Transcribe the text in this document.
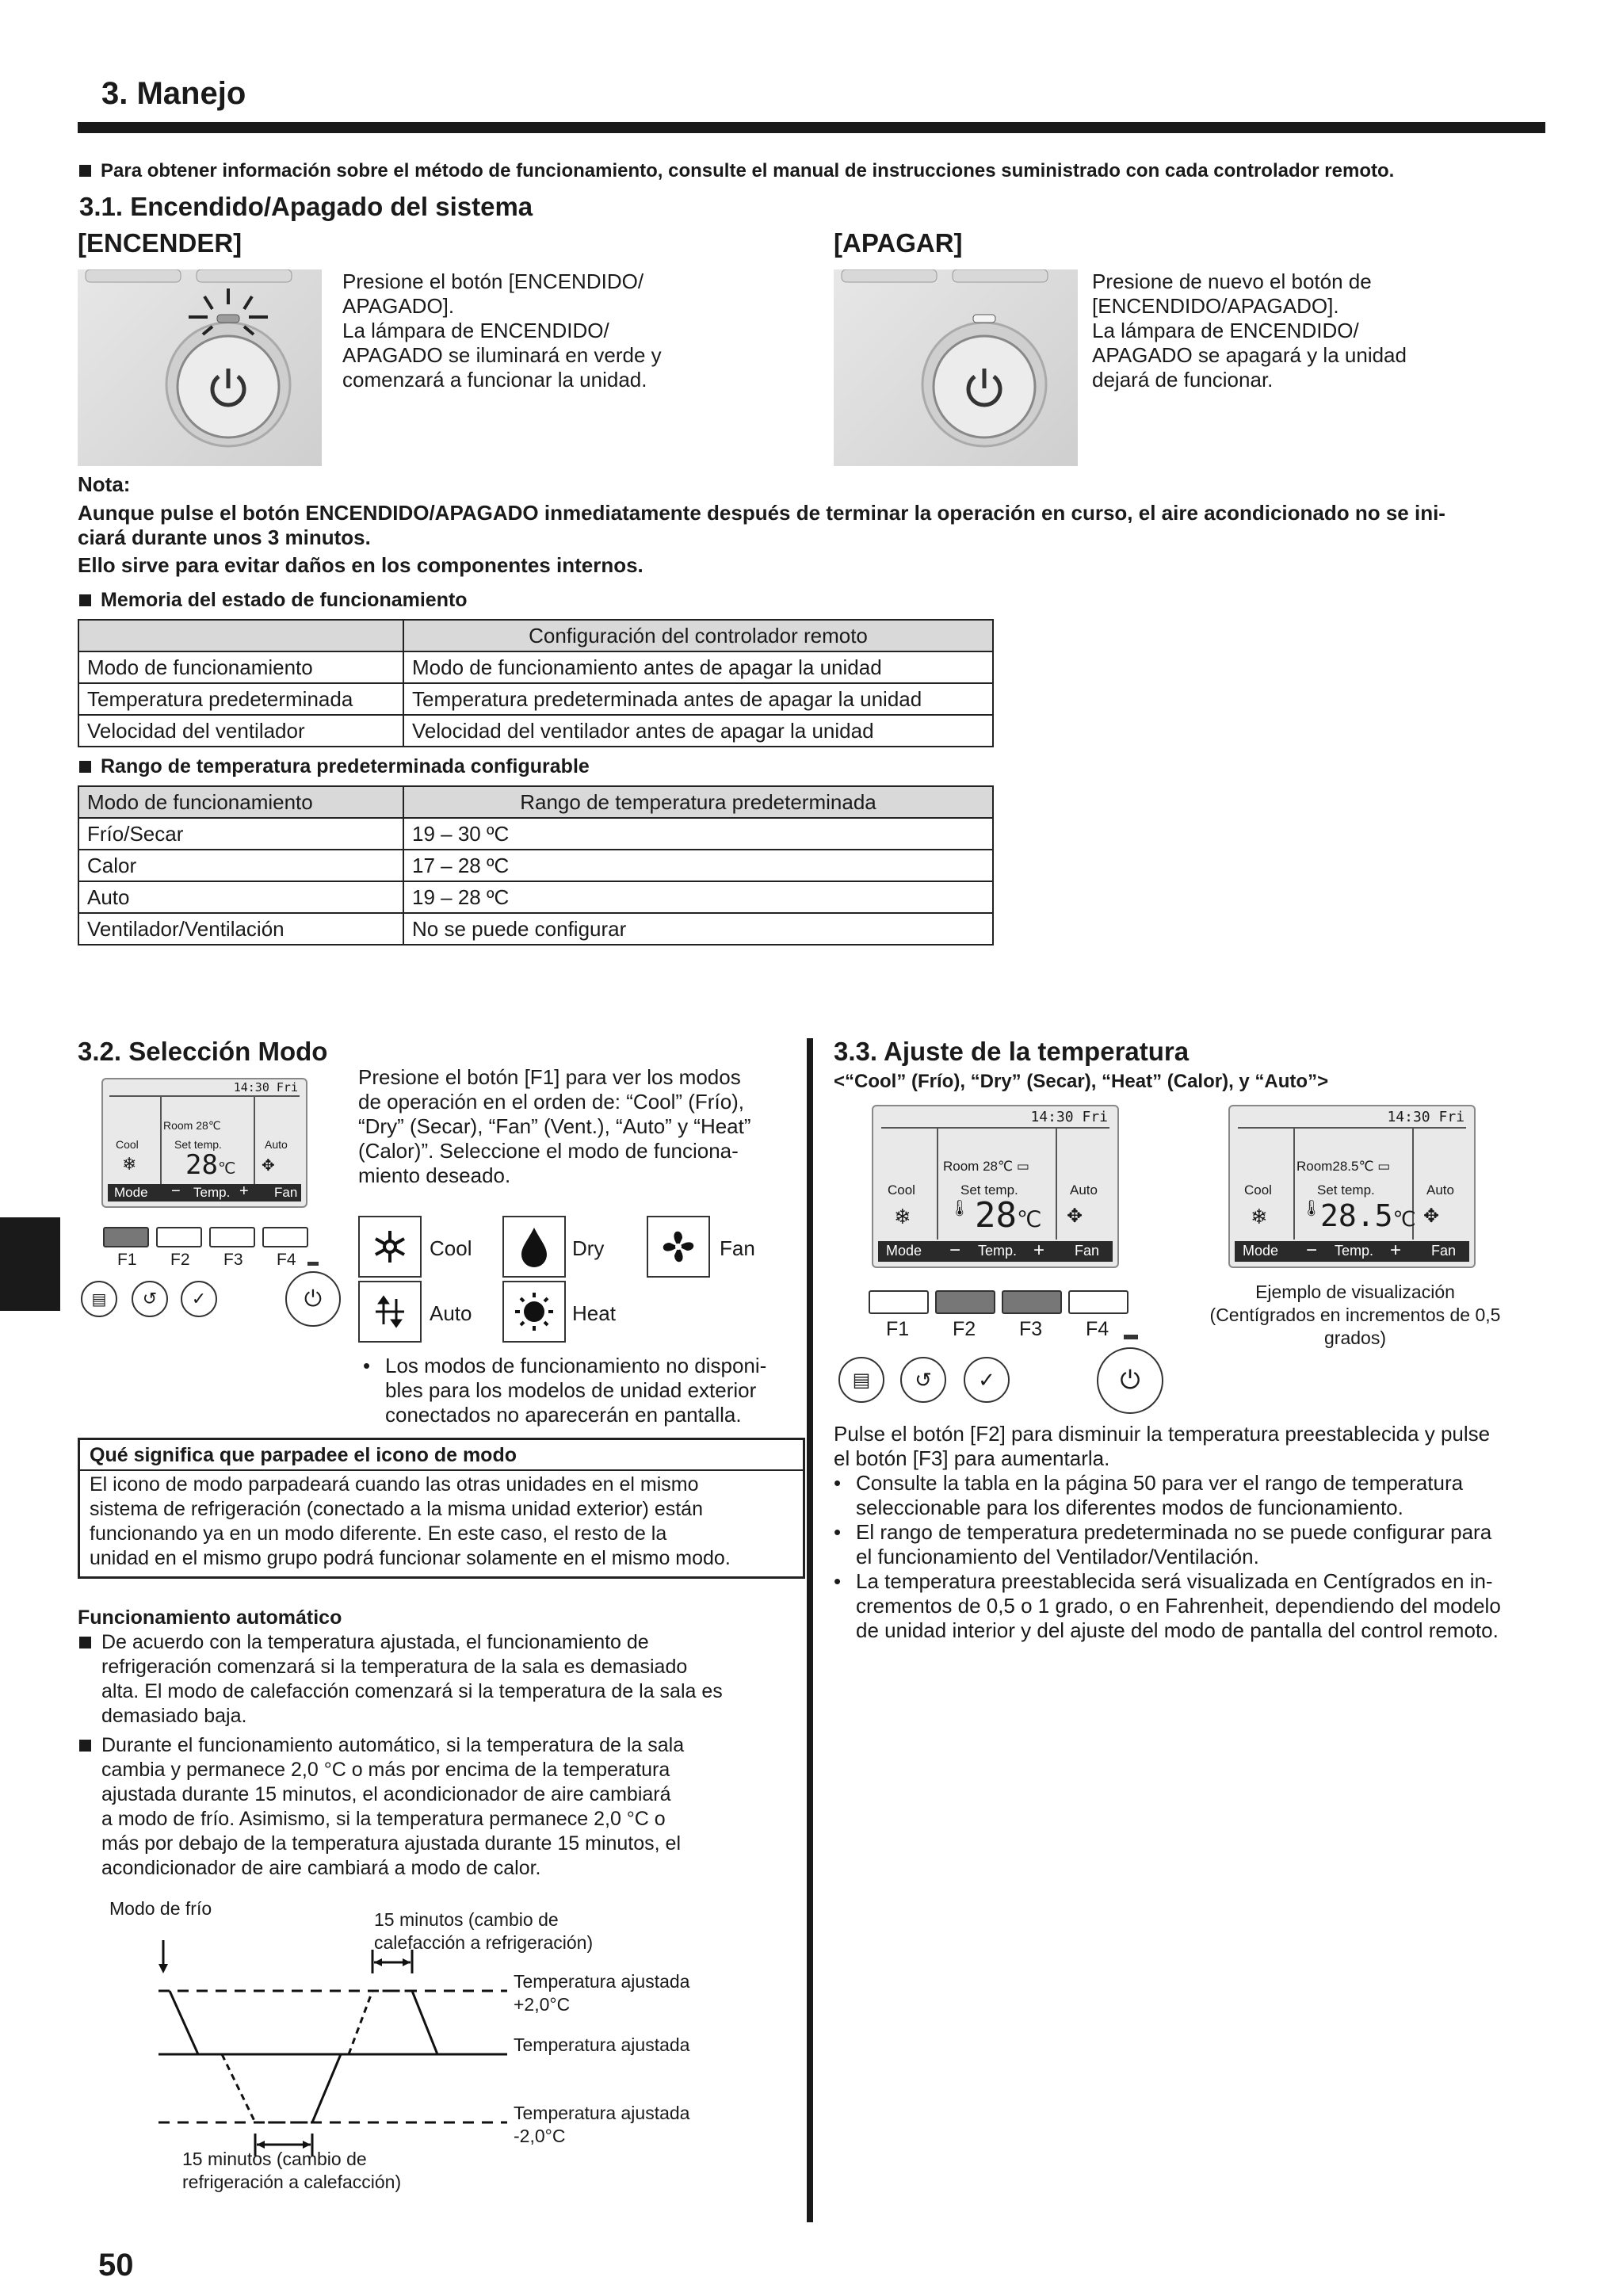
3. Manejo
Para obtener información sobre el método de funcionamiento, consulte el manual de instrucciones suministrado con cada controlador remoto.
3.1. Encendido/Apagado del sistema
[ENCENDER]	[APAGAR]
Presione el botón [ENCENDIDO/
APAGADO].
La lámpara de ENCENDIDO/
APAGADO se iluminará en verde y
comenzará a funcionar la unidad.
Presione de nuevo el botón de
[ENCENDIDO/APAGADO].
La lámpara de ENCENDIDO/
APAGADO se apagará y la unidad
dejará de funcionar.
Nota:
Aunque pulse el botón ENCENDIDO/APAGADO inmediatamente después de terminar la operación en curso, el aire acondicionado no se ini-
ciará durante unos 3 minutos.
Ello sirve para evitar daños en los componentes internos.
Memoria del estado de funcionamiento
	Configuración del controlador remoto
Modo de funcionamiento	Modo de funcionamiento antes de apagar la unidad
Temperatura predeterminada	Temperatura predeterminada antes de apagar la unidad
Velocidad del ventilador	Velocidad del ventilador antes de apagar la unidad
Rango de temperatura predeterminada configurable
Modo de funcionamiento	Rango de temperatura predeterminada
Frío/Secar	19 – 30 ºC
Calor	17 – 28 ºC
Auto	19 – 28 ºC
Ventilador/Ventilación	No se puede configurar
3.2. Selección Modo
14:30 Fri
Room 28℃
Cool	Set temp.	Auto
❄ 28℃ ✥
Mode − Temp. + Fan
F1 F2 F3 F4
▤ ↺ ✓	⏻
Presione el botón [F1] para ver los modos
de operación en el orden de: “Cool” (Frío),
“Dry” (Secar), “Fan” (Vent.), “Auto” y “Heat”
(Calor)”. Seleccione el modo de funciona-
miento deseado.
Cool	Dry	Fan
Auto	Heat
• Los modos de funcionamiento no disponi-
bles para los modelos de unidad exterior
conectados no aparecerán en pantalla.
Qué significa que parpadee el icono de modo
El icono de modo parpadeará cuando las otras unidades en el mismo
sistema de refrigeración (conectado a la misma unidad exterior) están
funcionando ya en un modo diferente. En este caso, el resto de la
unidad en el mismo grupo podrá funcionar solamente en el mismo modo.
Funcionamiento automático
De acuerdo con la temperatura ajustada, el funcionamiento de
refrigeración comenzará si la temperatura de la sala es demasiado
alta. El modo de calefacción comenzará si la temperatura de la sala es
demasiado baja.
Durante el funcionamiento automático, si la temperatura de la sala
cambia y permanece 2,0 °C o más por encima de la temperatura
ajustada durante 15 minutos, el acondicionador de aire cambiará
a modo de frío. Asimismo, si la temperatura permanece 2,0 °C o
más por debajo de la temperatura ajustada durante 15 minutos, el
acondicionador de aire cambiará a modo de calor.
Modo de frío
15 minutos (cambio de
calefacción a refrigeración)
Temperatura ajustada
+2,0°C
Temperatura ajustada
Temperatura ajustada
-2,0°C
15 minutos (cambio de
refrigeración a calefacción)
3.3. Ajuste de la temperatura
<“Cool” (Frío), “Dry” (Secar), “Heat” (Calor), y “Auto”>
14:30 Fri
Room 28℃ ▭
Cool	Set temp.	Auto
❄ 🌡 28℃ ✥
Mode − Temp. + Fan
14:30 Fri
Room28.5℃ ▭
Cool	Set temp.	Auto
❄ 🌡
28.5℃ ✥
Mode − Temp. + Fan
Ejemplo de visualización
(Centígrados en incrementos de 0,5 grados)
F1 F2 F3 F4
▤ ↺ ✓	⏻
Pulse el botón [F2] para disminuir la temperatura preestablecida y pulse
el botón [F3] para aumentarla.
• Consulte la tabla en la página 50 para ver el rango de temperatura
seleccionable para los diferentes modos de funcionamiento.
• El rango de temperatura predeterminada no se puede configurar para
el funcionamiento del Ventilador/Ventilación.
• La temperatura preestablecida será visualizada en Centígrados en in-
crementos de 0,5 o 1 grado, o en Fahrenheit, dependiendo del modelo
de unidad interior y del ajuste del modo de pantalla del control remoto.
50
